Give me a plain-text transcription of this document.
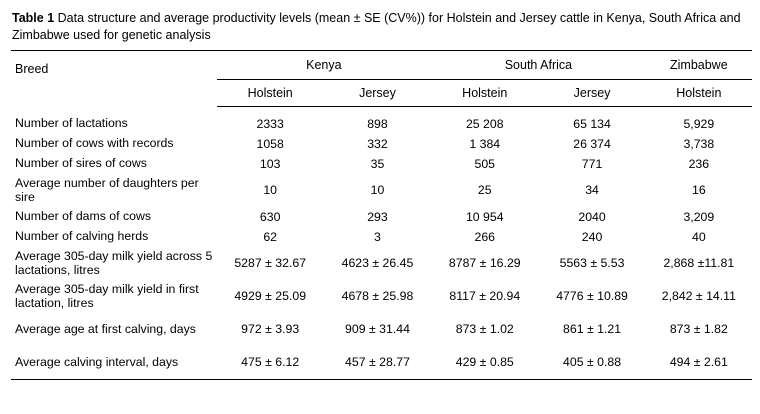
Table 1 Data structure and average productivity levels (mean ± SE (CV%)) for Holstein and Jersey cattle in Kenya, South Africa and Zimbabwe used for genetic analysis
Breed	Kenya		South Africa		Zimbabwe
	Holstein	Jersey	Holstein	Jersey	Holstein

Number of lactations	2333	898	25 208	65 134	5,929
Number of cows with records	1058	332	1 384	26 374	3,738
Number of sires of cows	103	35	505	771	236
Average number of daughters per sire	10	10	25	34	16
Number of dams of cows	630	293	10 954	2040	3,209
Number of calving herds	62	3	266	240	40
Average 305-day milk yield across 5 lactations, litres	5287 ± 32.67	4623 ± 26.45	8787 ± 16.29	5563 ± 5.53	2,868 ±11.81
Average 305-day milk yield in first lactation, litres	4929 ± 25.09	4678 ± 25.98	8117 ± 20.94	4776 ± 10.89	2,842 ± 14.11
Average age at first calving, days	972 ± 3.93	909 ± 31.44	873 ± 1.02	861 ± 1.21	873 ± 1.82
Average calving interval, days	475 ± 6.12	457 ± 28.77	429 ± 0.85	405 ± 0.88	494 ± 2.61
